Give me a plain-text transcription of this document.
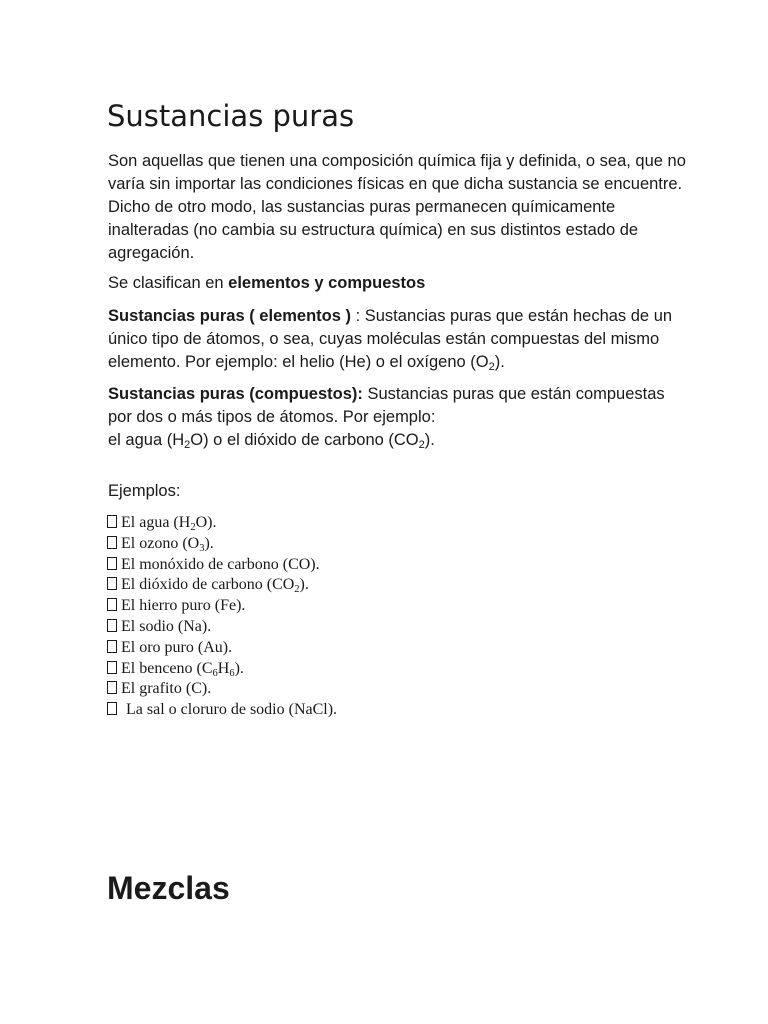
Sustancias puras

Son aquellas que tienen una composición química fija y definida, o sea, que no varía sin importar las condiciones físicas en que dicha sustancia se encuentre. Dicho de otro modo, las sustancias puras permanecen químicamente inalteradas (no cambia su estructura química) en sus distintos estado de agregación.

Se clasifican en elementos y compuestos

Sustancias puras ( elementos ) : Sustancias puras que están hechas de un único tipo de átomos, o sea, cuyas moléculas están compuestas del mismo elemento. Por ejemplo: el helio (He) o el oxígeno $(O_2)$.

Sustancias puras (compuestos): Sustancias puras que están compuestas por dos o más tipos de átomos. Por ejemplo:
el agua $(H_2O)$ o el dióxido de carbono $(CO_2)$.

Ejemplos:

El agua $(H_2O)$.
El ozono $(O_3)$.
El monóxido de carbono (CO).
El dióxido de carbono $(CO_2)$.
El hierro puro (Fe).
El sodio (Na).
El oro puro (Au).
El benceno $(C_6H_6)$.
El grafito (C).
La sal o cloruro de sodio (NaCl).
Mezclas
